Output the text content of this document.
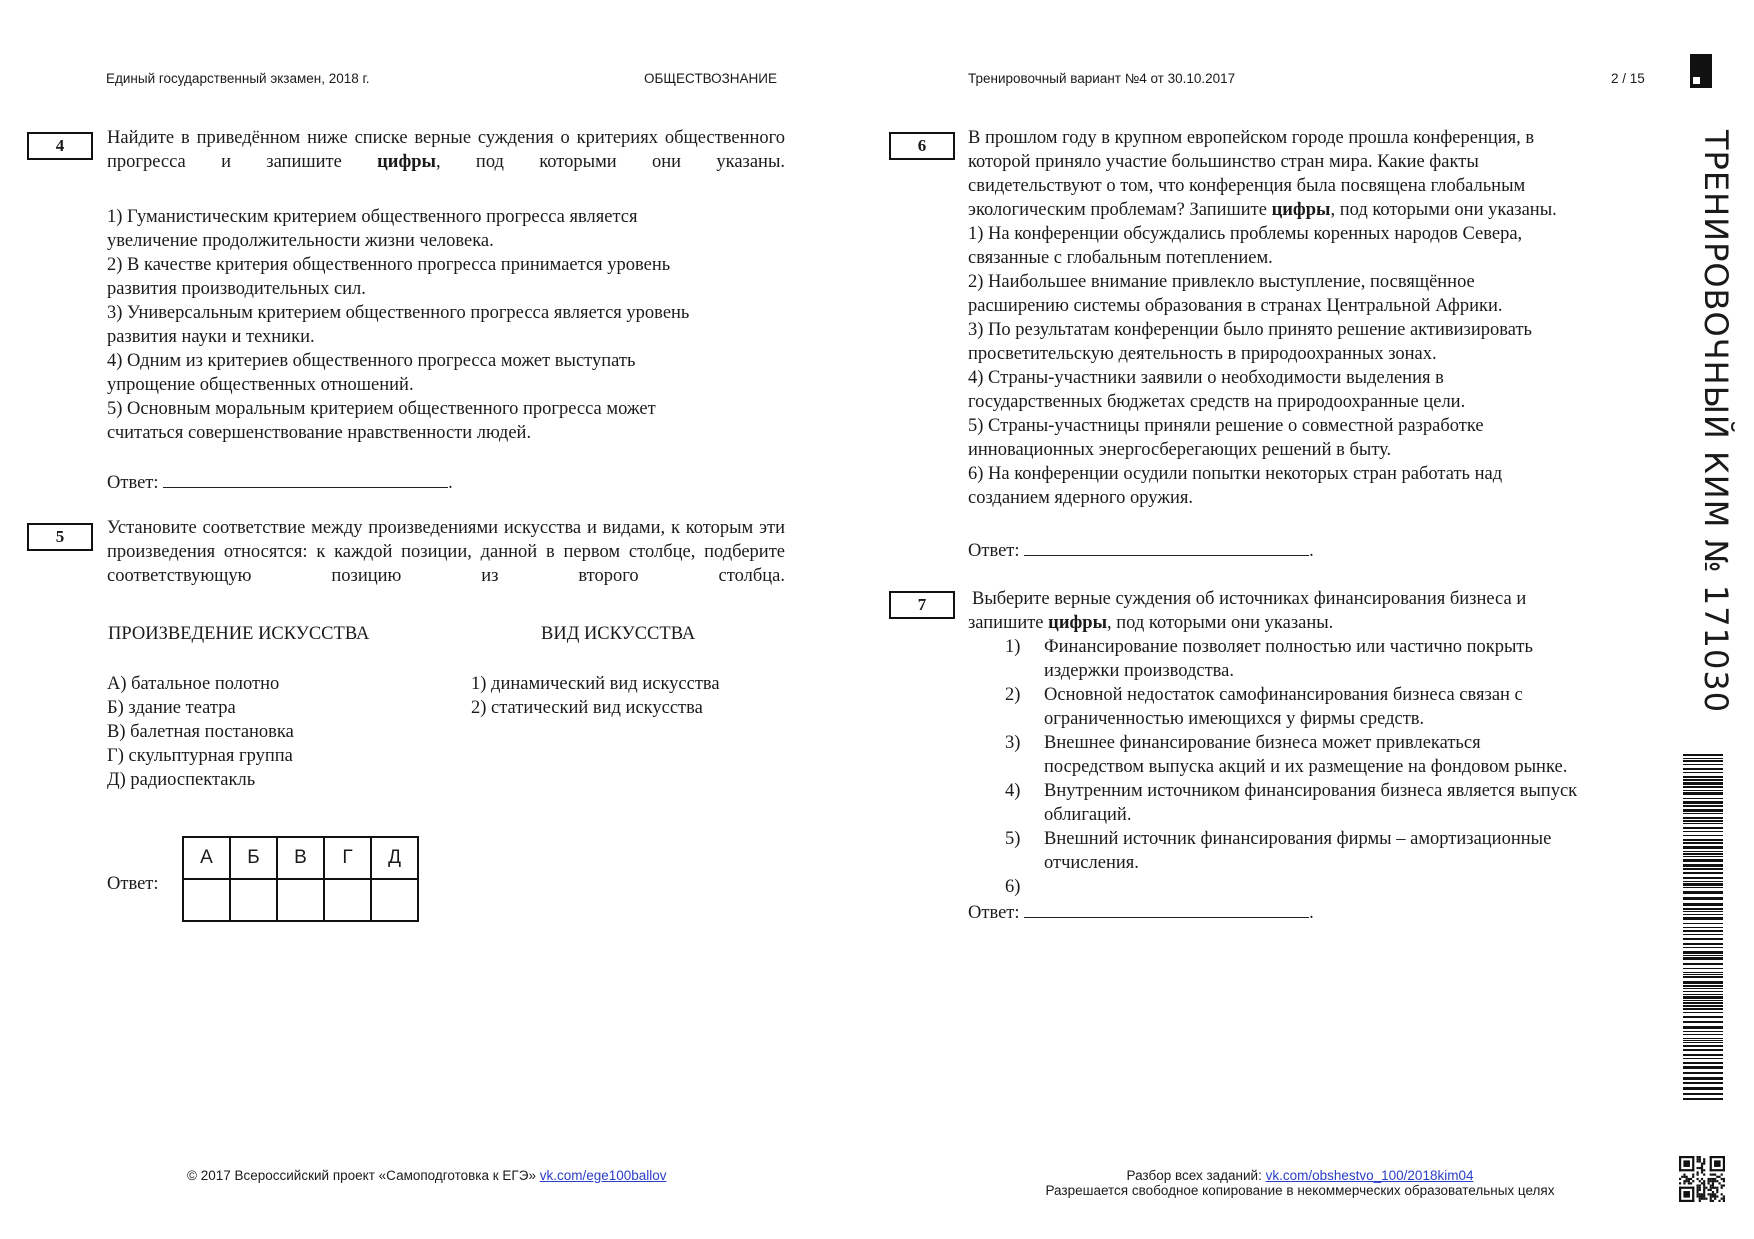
Единый государственный экзамен, 2018 г.	ОБЩЕСТВОЗНАНИЕ	Тренировочный вариант №4 от 30.10.2017	2 / 15
ТРЕНИРОВОЧНЫЙ КИМ № 171030
4	Найдите в приведённом ниже списке верные суждения о критериях общественного прогресса и запишите цифры, под которыми они указаны.
1) Гуманистическим критерием общественного прогресса является
увеличение продолжительности жизни человека.
2) В качестве критерия общественного прогресса принимается уровень
развития производительных сил.
3) Универсальным критерием общественного прогресса является уровень
развития науки и техники.
4) Одним из критериев общественного прогресса может выступать
упрощение общественных отношений.
5) Основным моральным критерием общественного прогресса может
считаться совершенствование нравственности людей.
Ответ:	.
5	Установите соответствие между произведениями искусства и видами, к которым эти произведения относятся: к каждой позиции, данной в первом столбце, подберите соответствующую позицию из второго столбца.
ПРОИЗВЕДЕНИЕ ИСКУССТВА	ВИД ИСКУССТВА
А) батальное полотно
Б) здание театра
В) балетная постановка
Г) скульптурная группа
Д) радиоспектакль
1) динамический вид искусства
2) статический вид искусства
Ответ:
А	Б	В	Г	Д

6	В прошлом году в крупном европейском городе прошла конференция, в
которой приняло участие большинство стран мира. Какие факты
свидетельствуют о том, что конференция была посвящена глобальным
экологическим проблемам? Запишите цифры, под которыми они указаны.
1) На конференции обсуждались проблемы коренных народов Севера,
связанные с глобальным потеплением.
2) Наибольшее внимание привлекло выступление, посвящённое
расширению системы образования в странах Центральной Африки.
3) По результатам конференции было принято решение активизировать
просветительскую деятельность в природоохранных зонах.
4) Страны-участники заявили о необходимости выделения в
государственных бюджетах средств на природоохранные цели.
5) Страны-участницы приняли решение о совместной разработке
инновационных энергосберегающих решений в быту.
6) На конференции осудили попытки некоторых стран работать над
созданием ядерного оружия.
Ответ:	.
7	Выберите верные суждения об источниках финансирования бизнеса и
запишите цифры, под которыми они указаны.
1) Финансирование позволяет полностью или частично покрыть
издержки производства.
2) Основной недостаток самофинансирования бизнеса связан с
ограниченностью имеющихся у фирмы средств.
3) Внешнее финансирование бизнеса может привлекаться
посредством выпуска акций и их размещение на фондовом рынке.
4) Внутренним источником финансирования бизнеса является выпуск
облигаций.
5) Внешний источник финансирования фирмы – амортизационные
отчисления.
6)
Ответ:	.
© 2017 Всероссийский проект «Самоподготовка к ЕГЭ» vk.com/ege100ballov	Разбор всех заданий: vk.com/obshestvo_100/2018kim04
Разрешается свободное копирование в некоммерческих образовательных целях
